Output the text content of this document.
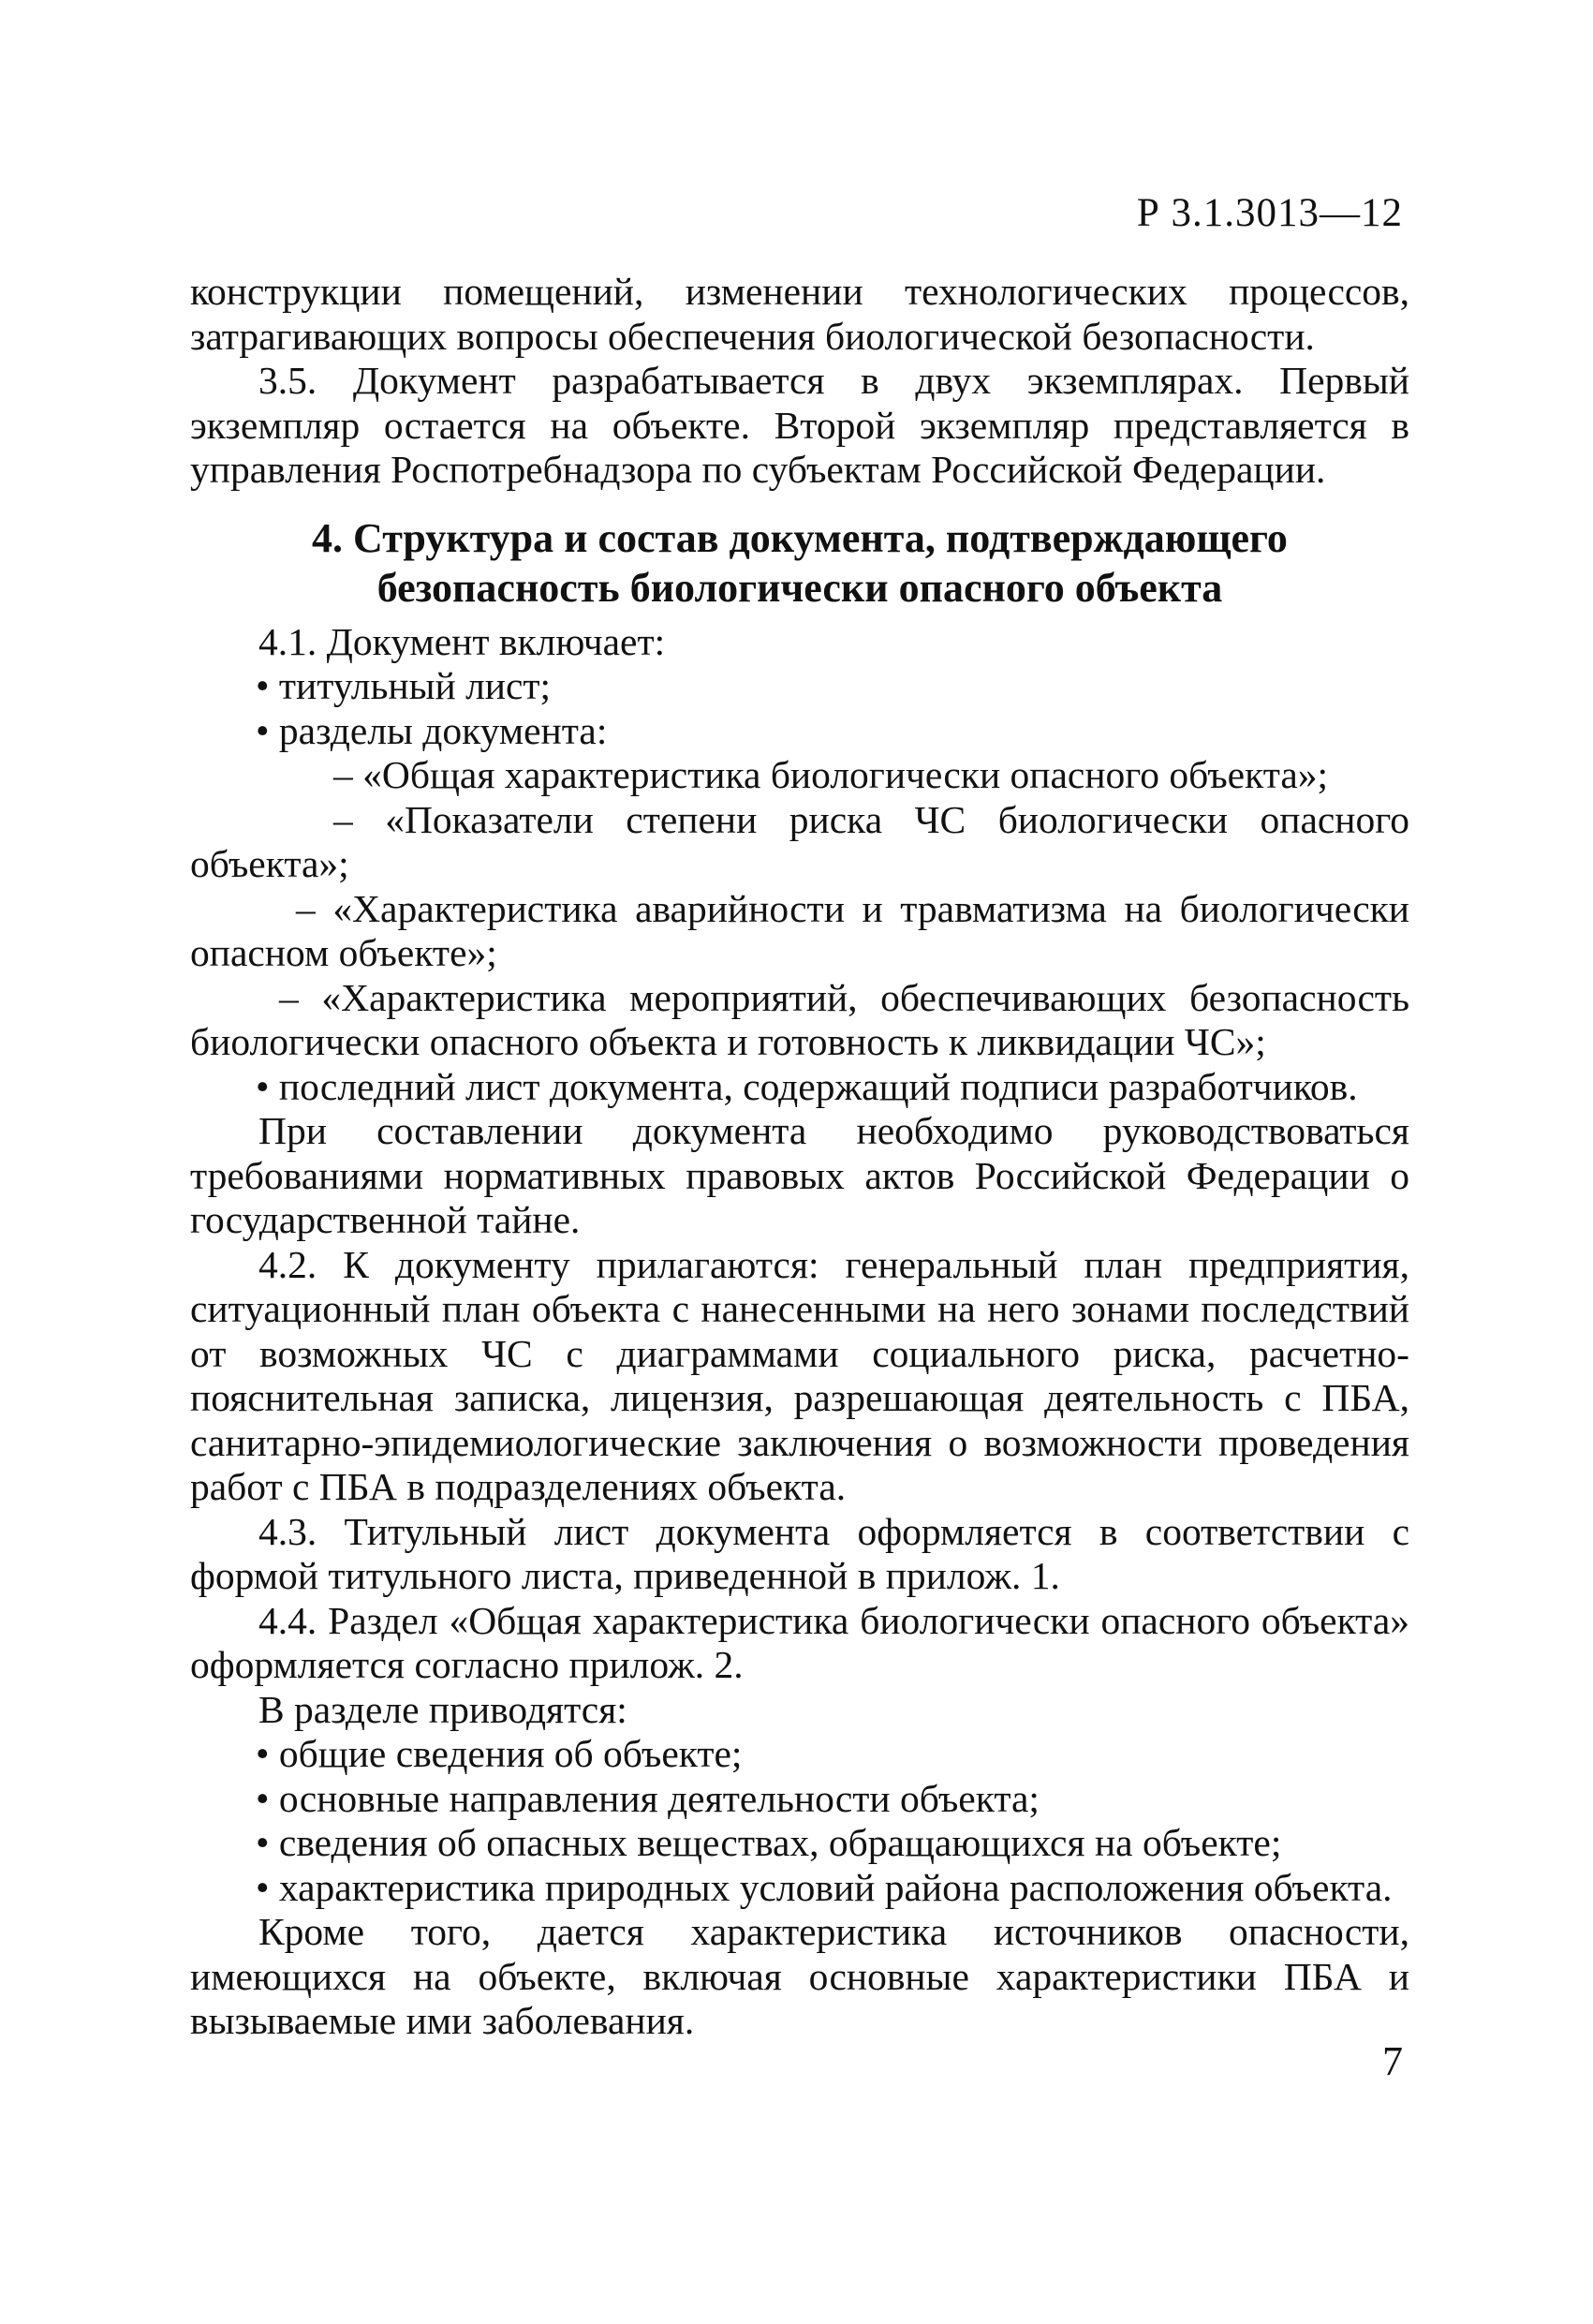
Р 3.1.3013—12

конструкции помещений, изменении технологических процессов, затрагивающих вопросы обеспечения биологической безопасности.

3.5. Документ разрабатывается в двух экземплярах. Первый экземпляр остается на объекте. Второй экземпляр представляется в управления Роспотребнадзора по субъектам Российской Федерации.

4. Структура и состав документа, подтверждающего
безопасность биологически опасного объекта

4.1. Документ включает:

• титульный лист;

• разделы документа:

– «Общая характеристика биологически опасного объекта»;

– «Показатели степени риска ЧС биологически опасного объекта»;

– «Характеристика аварийности и травматизма на биологически опасном объекте»;

– «Характеристика мероприятий, обеспечивающих безопасность биологически опасного объекта и готовность к ликвидации ЧС»;

• последний лист документа, содержащий подписи разработчиков.

При составлении документа необходимо руководствоваться требованиями нормативных правовых актов Российской Федерации о государственной тайне.

4.2. К документу прилагаются: генеральный план предприятия, ситуационный план объекта с нанесенными на него зонами последствий от возможных ЧС с диаграммами социального риска, расчетно-пояснительная записка, лицензия, разрешающая деятельность с ПБА, санитарно-эпидемиологические заключения о возможности проведения работ с ПБА в подразделениях объекта.

4.3. Титульный лист документа оформляется в соответствии с формой титульного листа, приведенной в прилож. 1.

4.4. Раздел «Общая характеристика биологически опасного объекта» оформляется согласно прилож. 2.

В разделе приводятся:

• общие сведения об объекте;

• основные направления деятельности объекта;

• сведения об опасных веществах, обращающихся на объекте;

• характеристика природных условий района расположения объекта.

Кроме того, дается характеристика источников опасности, имеющихся на объекте, включая основные характеристики ПБА и вызываемые ими заболевания.

7
